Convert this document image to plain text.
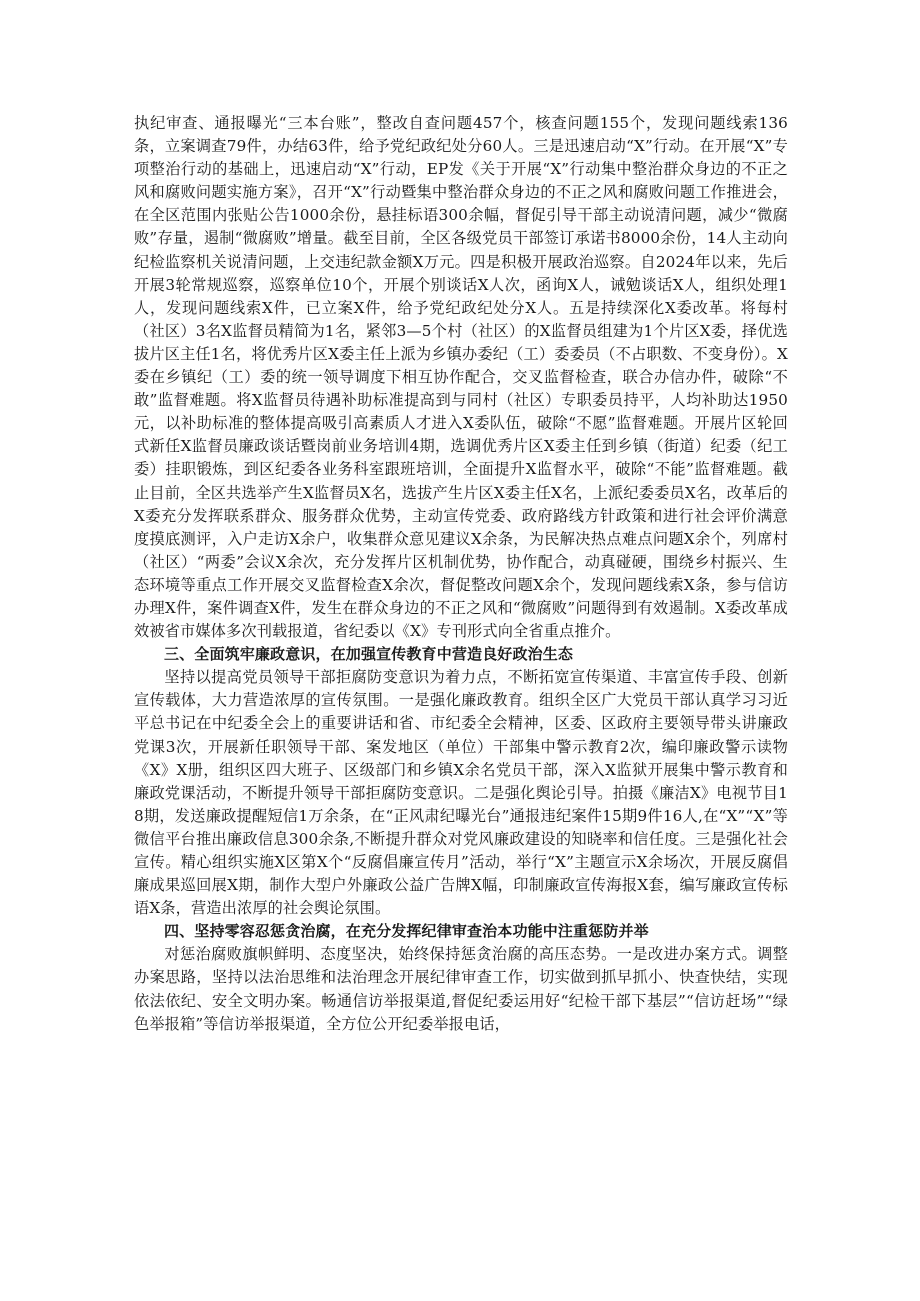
执纪审查、通报曝光“三本台账”，整改自查问题457个，核查问题155个，发现问题线索136条，立案调查79件，办结63件，给予党纪政纪处分60人。三是迅速启动“X”行动。在开展“X”专项整治行动的基础上，迅速启动“X”行动，EP发《关于开展“X”行动集中整治群众身边的不正之风和腐败问题实施方案》，召开“X”行动暨集中整治群众身边的不正之风和腐败问题工作推进会，在全区范围内张贴公告1000余份，悬挂标语300余幅，督促引导干部主动说清问题，减少“微腐败”存量，遏制“微腐败”增量。截至目前，全区各级党员干部签订承诺书8000余份，14人主动向纪检监察机关说清问题，上交违纪款金额X万元。四是积极开展政治巡察。自2024年以来，先后开展3轮常规巡察，巡察单位10个，开展个别谈话X人次，函询X人，诫勉谈话X人，组织处理1人，发现问题线索X件，已立案X件，给予党纪政纪处分X人。五是持续深化X委改革。将每村（社区）3名X监督员精简为1名，紧邻3—5个村（社区）的X监督员组建为1个片区X委，择优选拔片区主任1名，将优秀片区X委主任上派为乡镇办委纪（工）委委员（不占职数、不变身份）。X委在乡镇纪（工）委的统一领导调度下相互协作配合，交叉监督检查，联合办信办件，破除“不敢”监督难题。将X监督员待遇补助标准提高到与同村（社区）专职委员持平，人均补助达1950元，以补助标准的整体提高吸引高素质人才进入X委队伍，破除“不愿”监督难题。开展片区轮回式新任X监督员廉政谈话暨岗前业务培训4期，选调优秀片区X委主任到乡镇（街道）纪委（纪工委）挂职锻炼，到区纪委各业务科室跟班培训，全面提升X监督水平，破除“不能”监督难题。截止目前，全区共选举产生X监督员X名，选拔产生片区X委主任X名，上派纪委委员X名，改革后的X委充分发挥联系群众、服务群众优势，主动宣传党委、政府路线方针政策和进行社会评价满意度摸底测评，入户走访X余户，收集群众意见建议X余条，为民解决热点难点问题X余个，列席村（社区）“两委”会议X余次，充分发挥片区机制优势，协作配合，动真碰硬，围绕乡村振兴、生态环境等重点工作开展交叉监督检查X余次，督促整改问题X余个，发现问题线索X条，参与信访办理X件，案件调查X件，发生在群众身边的不正之风和“微腐败”问题得到有效遏制。X委改革成效被省市媒体多次刊载报道，省纪委以《X》专刊形式向全省重点推介。

三、全面筑牢廉政意识，在加强宣传教育中营造良好政治生态

坚持以提高党员领导干部拒腐防变意识为着力点，不断拓宽宣传渠道、丰富宣传手段、创新宣传载体，大力营造浓厚的宣传氛围。一是强化廉政教育。组织全区广大党员干部认真学习习近平总书记在中纪委全会上的重要讲话和省、市纪委全会精神，区委、区政府主要领导带头讲廉政党课3次，开展新任职领导干部、案发地区（单位）干部集中警示教育2次，编印廉政警示读物《X》X册，组织区四大班子、区级部门和乡镇X余名党员干部，深入X监狱开展集中警示教育和廉政党课活动，不断提升领导干部拒腐防变意识。二是强化舆论引导。拍摄《廉洁X》电视节目18期，发送廉政提醒短信1万余条，在“正风肃纪曝光台”通报违纪案件15期9件16人,在“X”“X”等微信平台推出廉政信息300余条,不断提升群众对党风廉政建设的知晓率和信任度。三是强化社会宣传。精心组织实施X区第X个“反腐倡廉宣传月”活动，举行“X”主题宣示X余场次，开展反腐倡廉成果巡回展X期，制作大型户外廉政公益广告牌X幅，印制廉政宣传海报X套，编写廉政宣传标语X条，营造出浓厚的社会舆论氛围。

四、坚持零容忍惩贪治腐，在充分发挥纪律审查治本功能中注重惩防并举

对惩治腐败旗帜鲜明、态度坚决，始终保持惩贪治腐的高压态势。一是改进办案方式。调整办案思路，坚持以法治思维和法治理念开展纪律审查工作，切实做到抓早抓小、快查快结，实现依法依纪、安全文明办案。畅通信访举报渠道,督促纪委运用好“纪检干部下基层”“信访赶场”“绿色举报箱”等信访举报渠道，全方位公开纪委举报电话，
